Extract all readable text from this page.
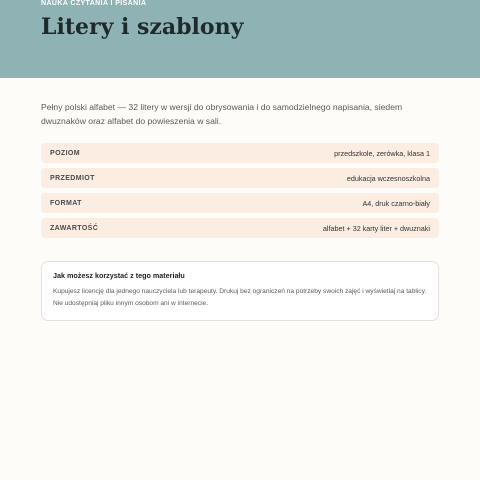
NAUKA CZYTANIA I PISANIA
Litery i szablony

Pełny polski alfabet — 32 litery w wersji do obrysowania i do samodzielnego napisania, siedem dwuznaków oraz alfabet do powieszenia w sali.

POZIOM	przedszkole, zerówka, klasa 1
PRZEDMIOT	edukacja wczesnoszkolna
FORMAT	A4, druk czarno-biały
ZAWARTOŚĆ	alfabet + 32 karty liter + dwuznaki
Jak możesz korzystać z tego materiału
Kupujesz licencję dla jednego nauczyciela lub terapeuty. Drukuj bez ograniczeń na potrzeby swoich zajęć i wyświetlaj na tablicy. Nie udostępniaj pliku innym osobom ani w internecie.
